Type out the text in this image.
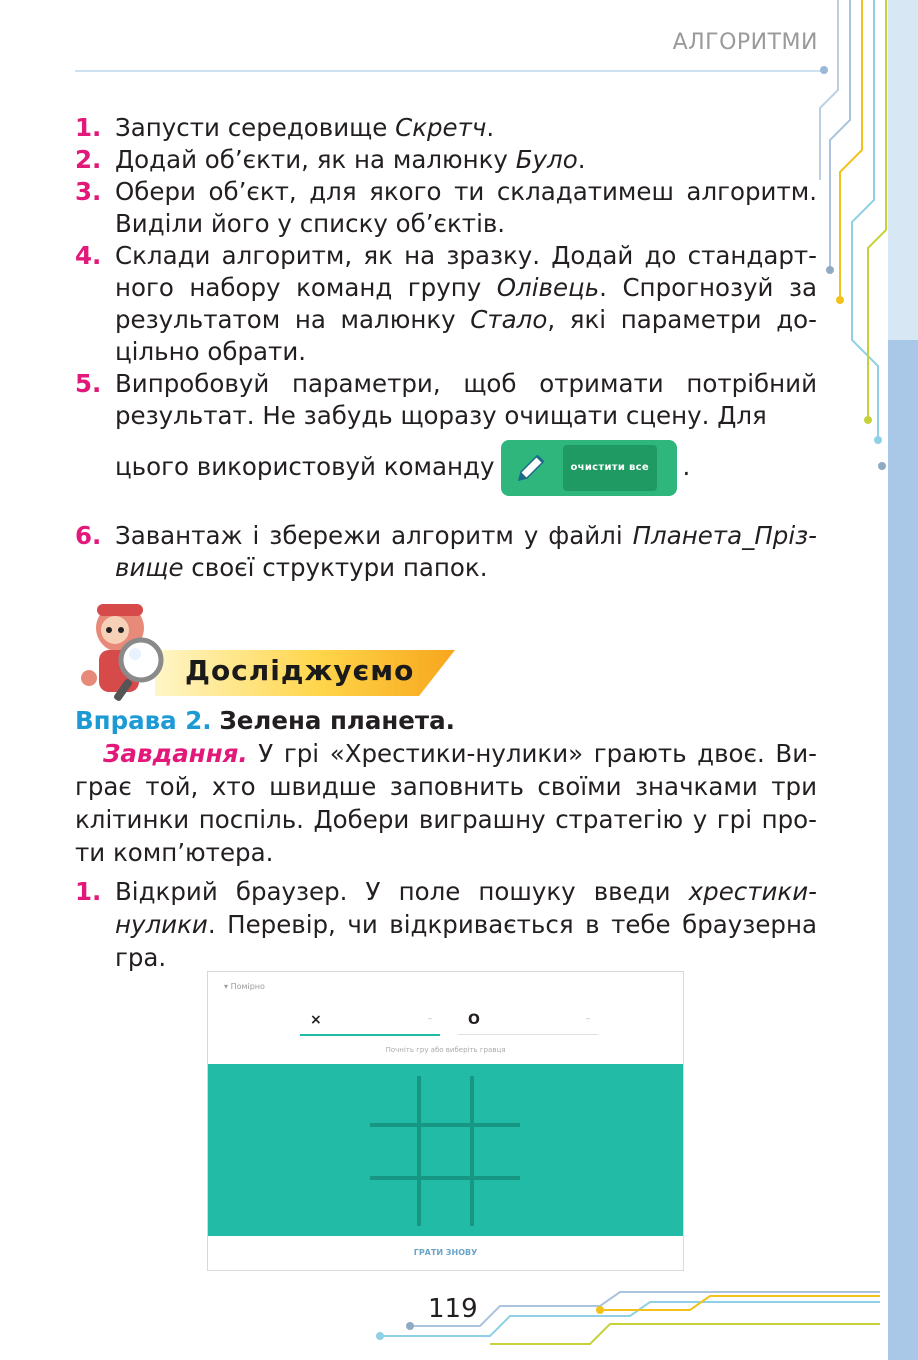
АЛГОРИТМИ
1. Запусти середовище Скретч.
2. Додай об’єкти, як на малюнку Було.
3. Обери об’єкт, для якого ти складатимеш алгоритм. Виділи його у списку об’єктів.
4. Склади алгоритм, як на зразку. Додай до стандарт-ного набору команд групу Олівець. Спрогнозуй за результатом на малюнку Стало, які параметри до-цільно обрати.
5. Випробовуй параметри, щоб отримати потрібний результат. Не забудь щоразу очищати сцену. Для
цього використовуй команду	очистити все	.
6. Завантаж і збережи алгоритм у файлі Планета_Пріз-вище своєї структури папок.
Досліджуємо
Вправа 2. Зелена планета.
Завдання. У грі «Хрестики-нулики» грають двоє. Ви-грає той, хто швидше заповнить своїми значками три клітинки поспіль. Добери виграшну стратегію у грі про-ти комп’ютера.
1. Відкрий браузер. У поле пошуку введи хрестики-нулики. Перевір, чи відкривається в тебе браузерна гра.
▾ Помірно
×	–	O	–
Почніть гру або виберіть гравця
ГРАТИ ЗНОВУ
119
